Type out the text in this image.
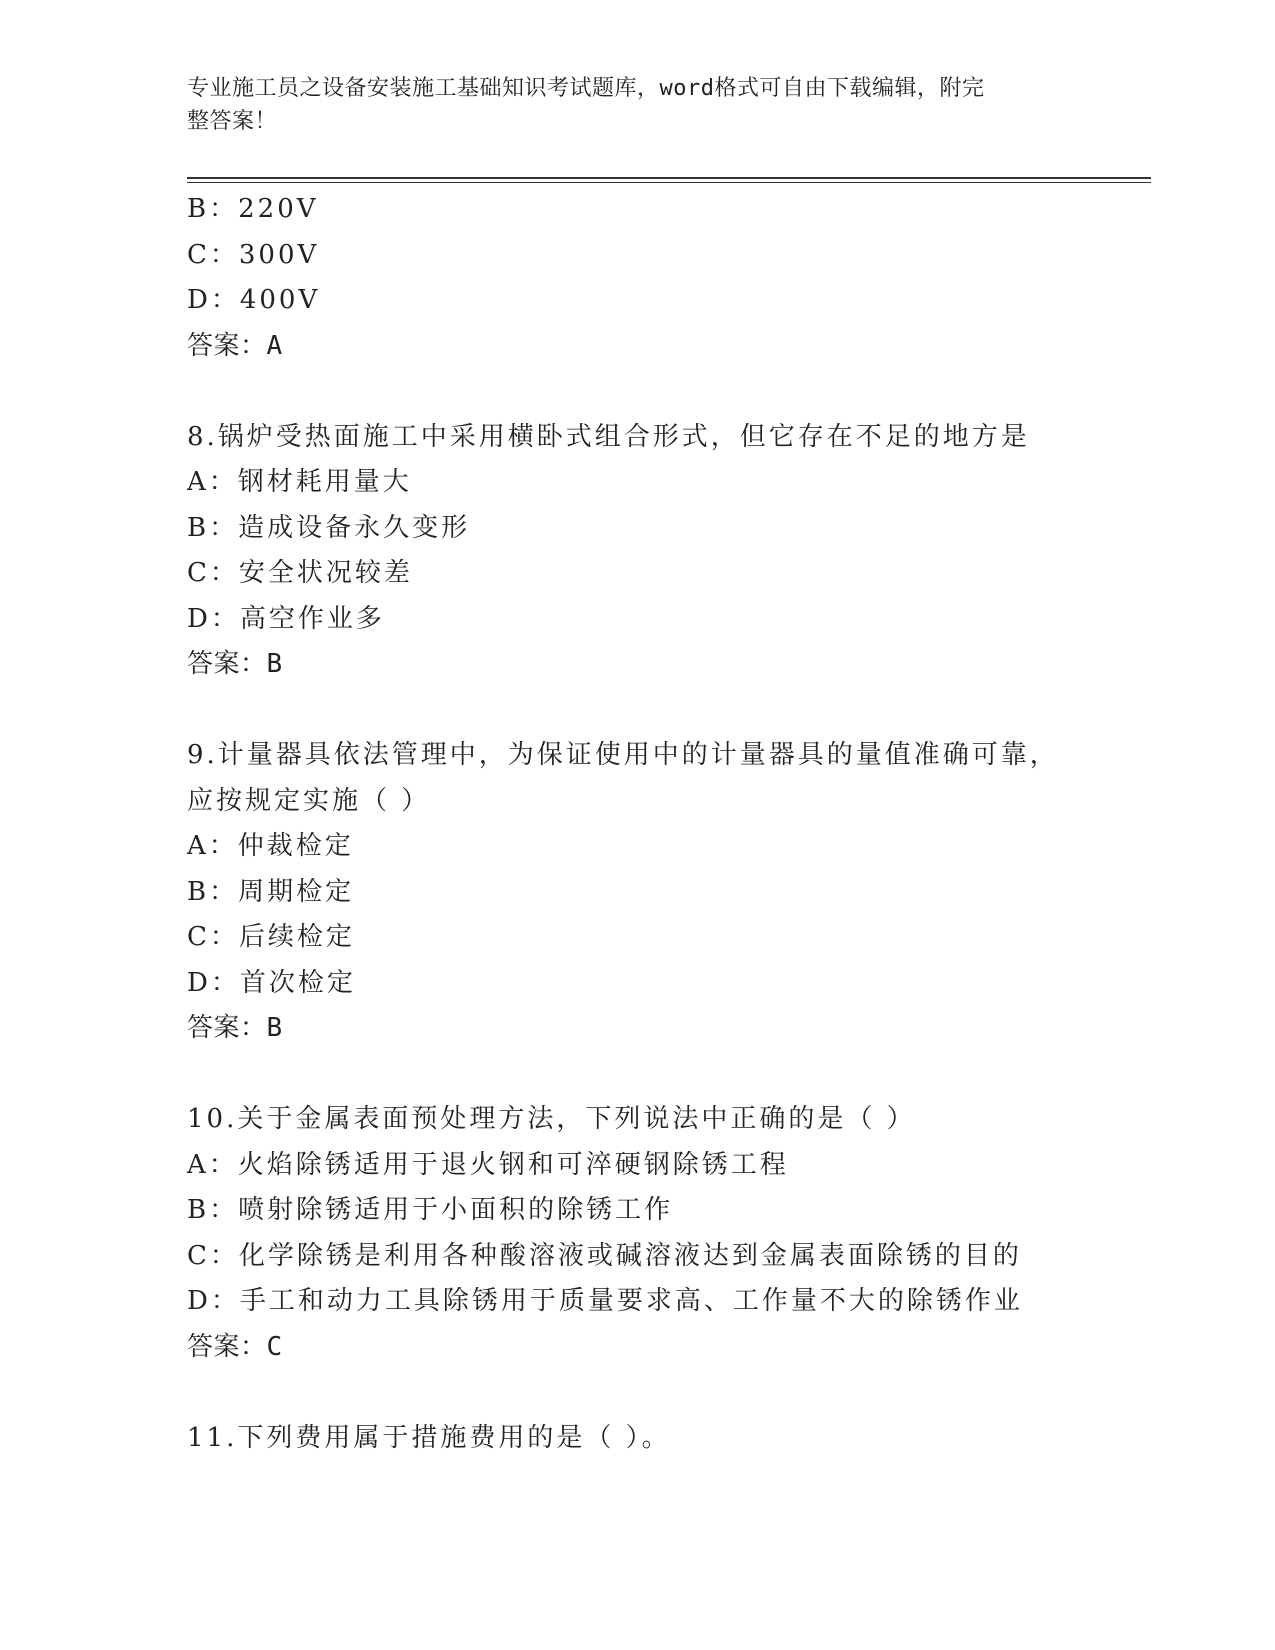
专业施工员之设备安装施工基础知识考试题库，word格式可自由下载编辑，附完
整答案！
B：220V
C：300V
D：400V
答案：A
8.锅炉受热面施工中采用横卧式组合形式，但它存在不足的地方是
A：钢材耗用量大
B：造成设备永久变形
C：安全状况较差
D：高空作业多
答案：B
9.计量器具依法管理中，为保证使用中的计量器具的量值准确可靠，
应按规定实施（ ）
A：仲裁检定
B：周期检定
C：后续检定
D：首次检定
答案：B
10.关于金属表面预处理方法，下列说法中正确的是（ ）
A：火焰除锈适用于退火钢和可淬硬钢除锈工程
B：喷射除锈适用于小面积的除锈工作
C：化学除锈是利用各种酸溶液或碱溶液达到金属表面除锈的目的
D：手工和动力工具除锈用于质量要求高、工作量不大的除锈作业
答案：C
11.下列费用属于措施费用的是（ ）。
